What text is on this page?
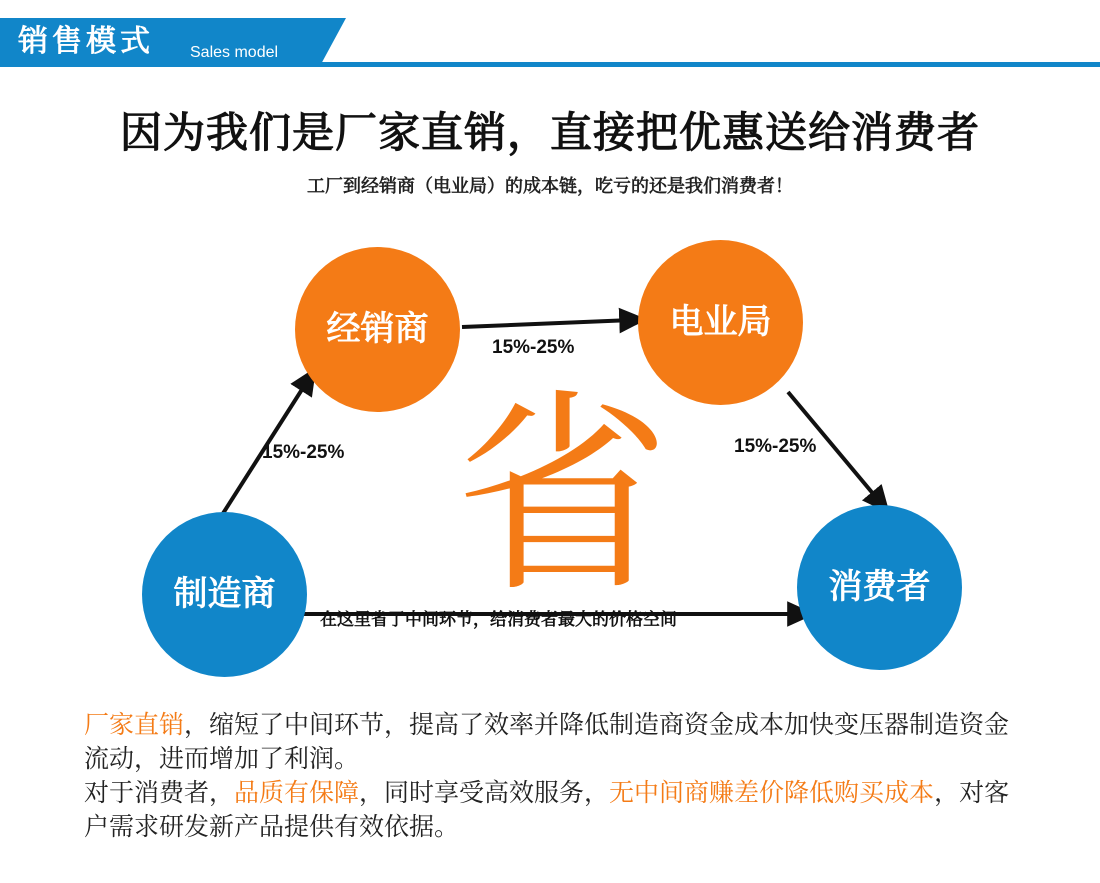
销售模式 Sales model
因为我们是厂家直销，直接把优惠送给消费者
工厂到经销商（电业局）的成本链，吃亏的还是我们消费者！
省
经销商	电业局
制造商	消费者
15%-25%
15%-25%
15%-25%
在这里省了中间环节，给消费者最大的价格空间

厂家直销，缩短了中间环节，提高了效率并降低制造商资金成本加快变压器制造资金流动，进而增加了利润。

对于消费者，品质有保障，同时享受高效服务，无中间商赚差价降低购买成本，对客户需求研发新产品提供有效依据。
